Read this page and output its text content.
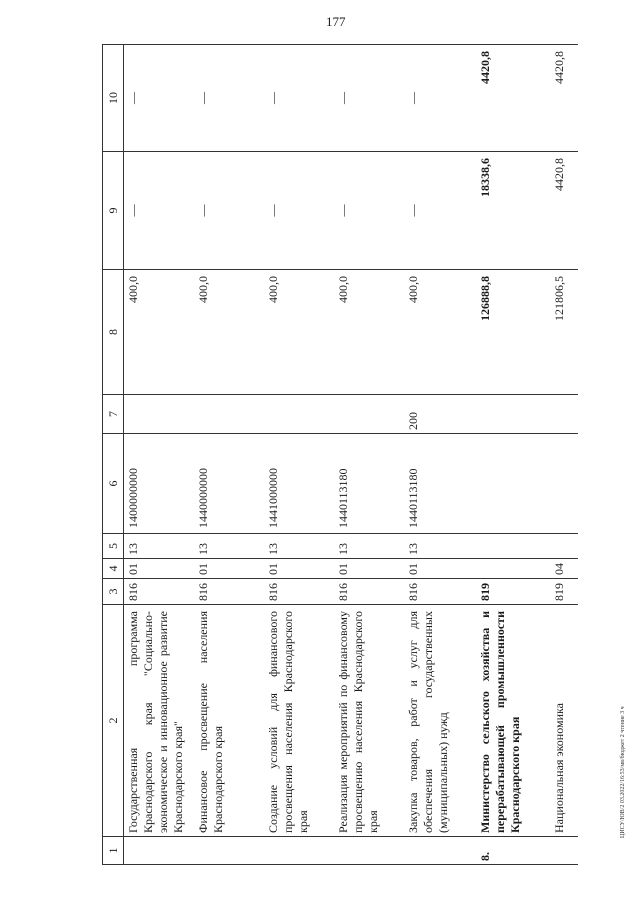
177
ЦИСУ/ЮВ/2 03.2022/16:53/мв/бюджет 2 чтение 3 ч
1	2	3	4	5	6	7	8	9	10
	Государственная программа Краснодарского края "Социально-экономическое и инновационное развитие Краснодарского края"	816	01	13	1400000000		400,0	—	—
	Финансовое просвещение населения Краснодарского края	816	01	13	1440000000		400,0	—	—
	Создание условий для финансового просвещения населения Краснодарского края	816	01	13	1441000000		400,0	—	—
	Реализация мероприятий по финансовому просвещению населения Краснодарского края	816	01	13	1440113180		400,0	—	—
	Закупка товаров, работ и услуг для обеспечения государственных (муниципальных) нужд	816	01	13	1440113180	200	400,0	—	—
8.	Министерство сельского хозяйства и перерабатывающей промышленности Краснодарского края	819					126888,8	18338,6	4420,8
	Национальная экономика	819	04				121806,5	4420,8	4420,8
